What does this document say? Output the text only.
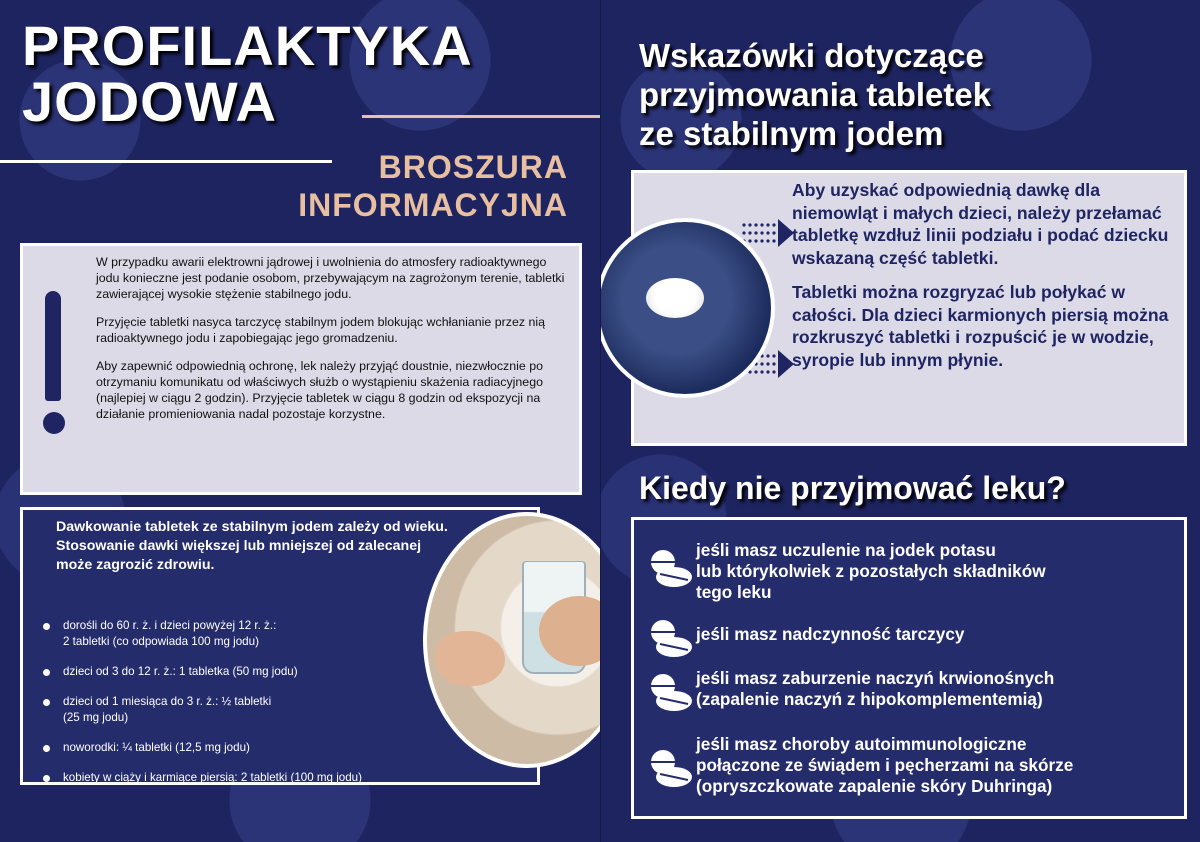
PROFILAKTYKA
JODOWA
BROSZURA
INFORMACYJNA

W przypadku awarii elektrowni jądrowej i uwolnienia do atmosfery radioaktywnego jodu konieczne jest podanie osobom, przebywającym na zagrożonym terenie, tabletki zawierającej wysokie stężenie stabilnego jodu.

Przyjęcie tabletki nasyca tarczycę stabilnym jodem blokując wchłanianie przez nią radioaktywnego jodu i zapobiegając jego gromadzeniu.

Aby zapewnić odpowiednią ochronę, lek należy przyjąć doustnie, niezwłocznie po otrzymaniu komunikatu od właściwych służb o wystąpieniu skażenia radiacyjnego (najlepiej w ciągu 2 godzin). Przyjęcie tabletek w ciągu 8 godzin od ekspozycji na działanie promieniowania nadal pozostaje korzystne.

Dawkowanie tabletek ze stabilnym jodem zależy od wieku.

Stosowanie dawki większej lub mniejszej od zalecanej może zagrozić zdrowiu.

dorośli do 60 r. ż. i dzieci powyżej 12 r. ż.:
2 tabletki (co odpowiada 100 mg jodu)
dzieci od 3 do 12 r. ż.: 1 tabletka (50 mg jodu)
dzieci od 1 miesiąca do 3 r. ż.: ½ tabletki
(25 mg jodu)
noworodki: ¼ tabletki (12,5 mg jodu)
kobiety w ciąży i karmiące piersią: 2 tabletki (100 mg jodu)
Wskazówki dotyczące
przyjmowania tabletek
ze stabilnym jodem

Aby uzyskać odpowiednią dawkę dla niemowląt i małych dzieci, należy przełamać tabletkę wzdłuż linii podziału i podać dziecku wskazaną część tabletki.

Tabletki można rozgryzać lub połykać w całości. Dla dzieci karmionych piersią można rozkruszyć tabletki i rozpuścić je w wodzie, syropie lub innym płynie.

Kiedy nie przyjmować leku?
jeśli masz uczulenie na jodek potasu
lub którykolwiek z pozostałych składników
tego leku
jeśli masz nadczynność tarczycy
jeśli masz zaburzenie naczyń krwionośnych
(zapalenie naczyń z hipokomplementemią)
jeśli masz choroby autoimmunologiczne
połączone ze świądem i pęcherzami na skórze
(opryszczkowate zapalenie skóry Duhringa)
